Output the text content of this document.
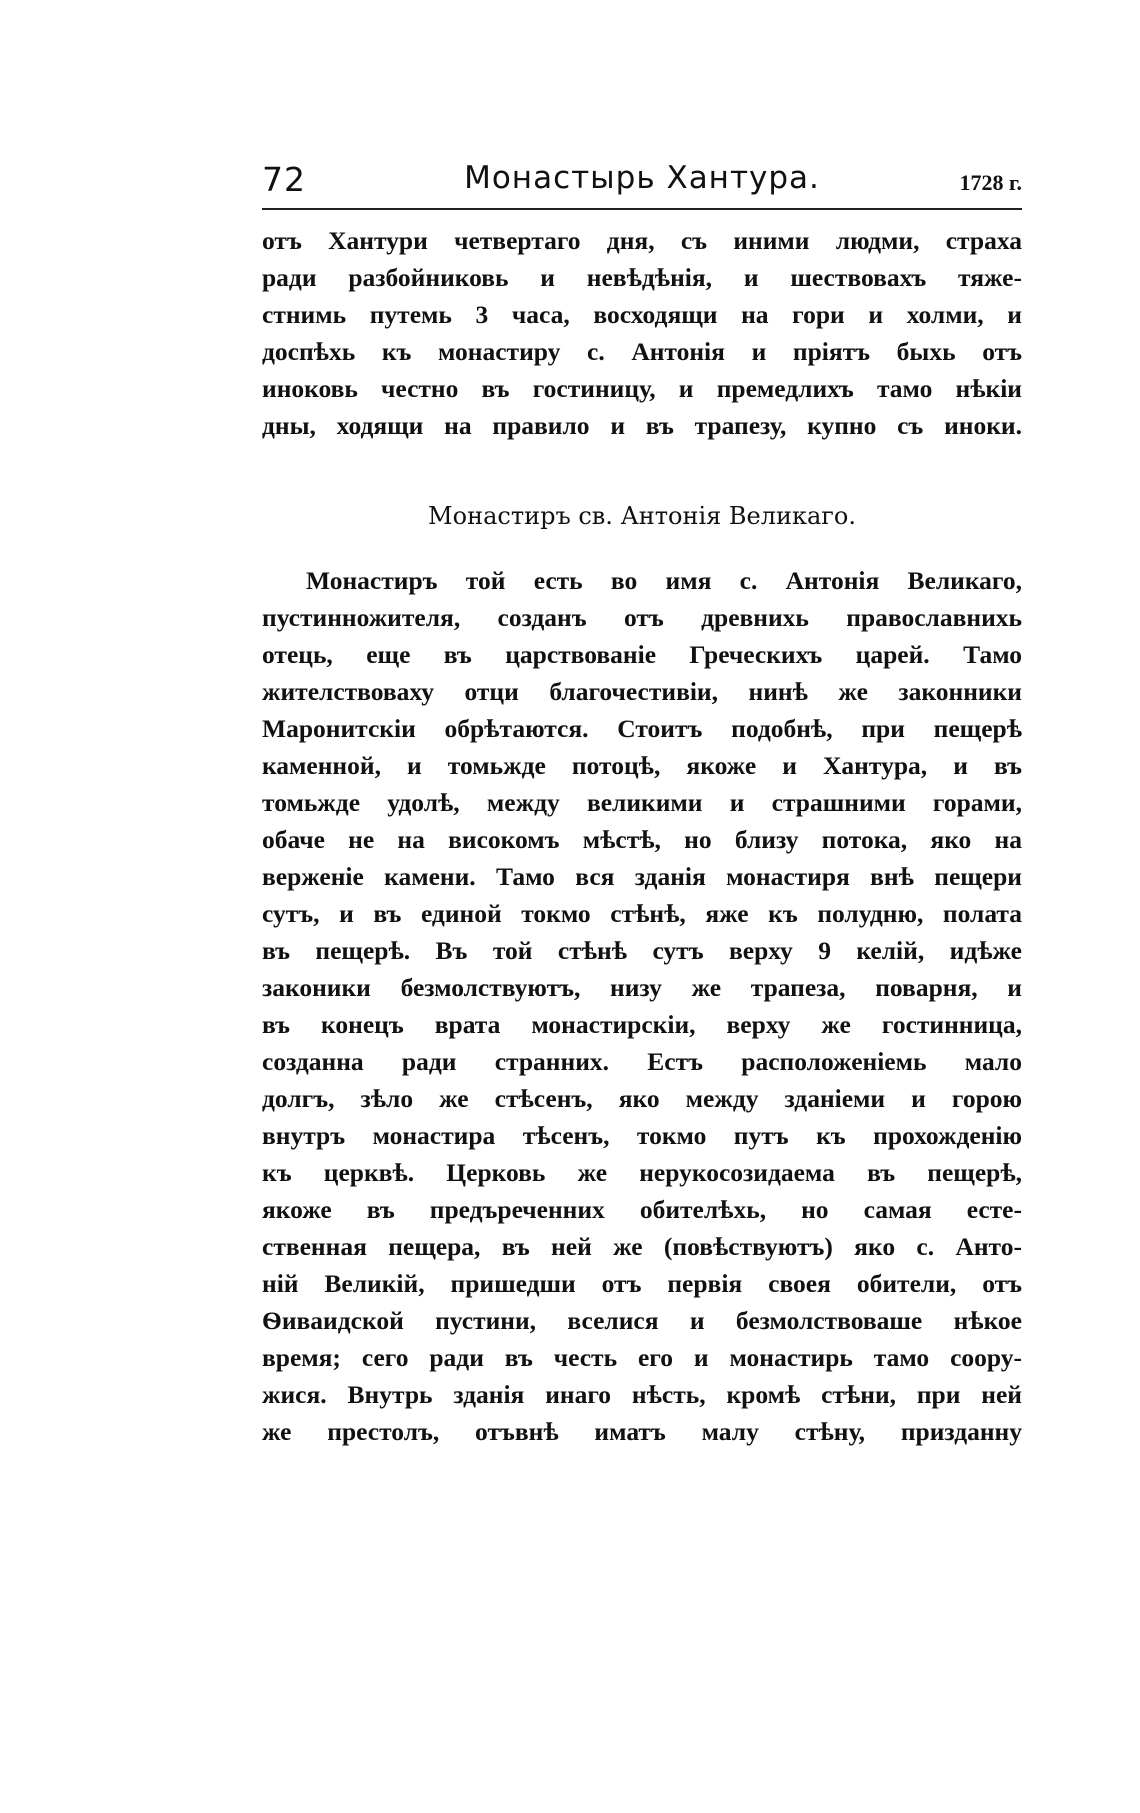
72	Монастырь Хантура.	1728 г.
отъ Хантури четвертаго дня, съ иними людми, страха
ради разбойниковь и невѣдѣнія, и шествовахъ тяже-
стнимь путемь 3 часа, восходящи на гори и холми, и
доспѣхь къ монастиру с. Антонія и пріятъ быхь отъ
иноковь честно въ гостиницу, и премедлихъ тамо нѣкіи
дны, ходящи на правило и въ трапезу, купно съ иноки.
Монастиръ св. Антонія Великаго.
Монастиръ той есть во имя с. Антонія Великаго,
пустинножителя, созданъ отъ древнихь православнихь
отець, еще въ царствованіе Греческихъ царей. Тамо
жителствоваху отци благочестивіи, нинѣ же законники
Маронитскіи обрѣтаются. Стоитъ подобнѣ, при пещерѣ
каменной, и томьжде потоцѣ, якоже и Хантура, и въ
томьжде удолѣ, между великими и страшними горами,
обаче не на високомъ мѣстѣ, но близу потока, яко на
верженіе камени. Тамо вся зданія монастиря внѣ пещери
сутъ, и въ единой токмо стѣнѣ, яже къ полудню, полата
въ пещерѣ. Въ той стѣнѣ сутъ верху 9 келій, идѣже
законики безмолствуютъ, низу же трапеза, поварня, и
въ конецъ врата монастирскіи, верху же гостинница,
созданна ради странних. Естъ расположеніемь мало
долгъ, зѣло же стѣсенъ, яко между зданіеми и горою
внутръ монастира тѣсенъ, токмо путъ къ прохожденію
къ церквѣ. Церковь же нерукосозидаема въ пещерѣ,
якоже въ предъреченних обителѣхь, но самая есте-
ственная пещера, въ ней же (повѣствуютъ) яко с. Анто-
ній Великій, пришедши отъ первія своея обители, отъ
Ѳиваидской пустини, вселися и безмолствоваше нѣкое
время; сего ради въ честь его и монастирь тамо соору-
жися. Внутрь зданія инаго нѣсть, кромѣ стѣни, при ней
же престолъ, отъвнѣ иматъ малу стѣну, призданну
